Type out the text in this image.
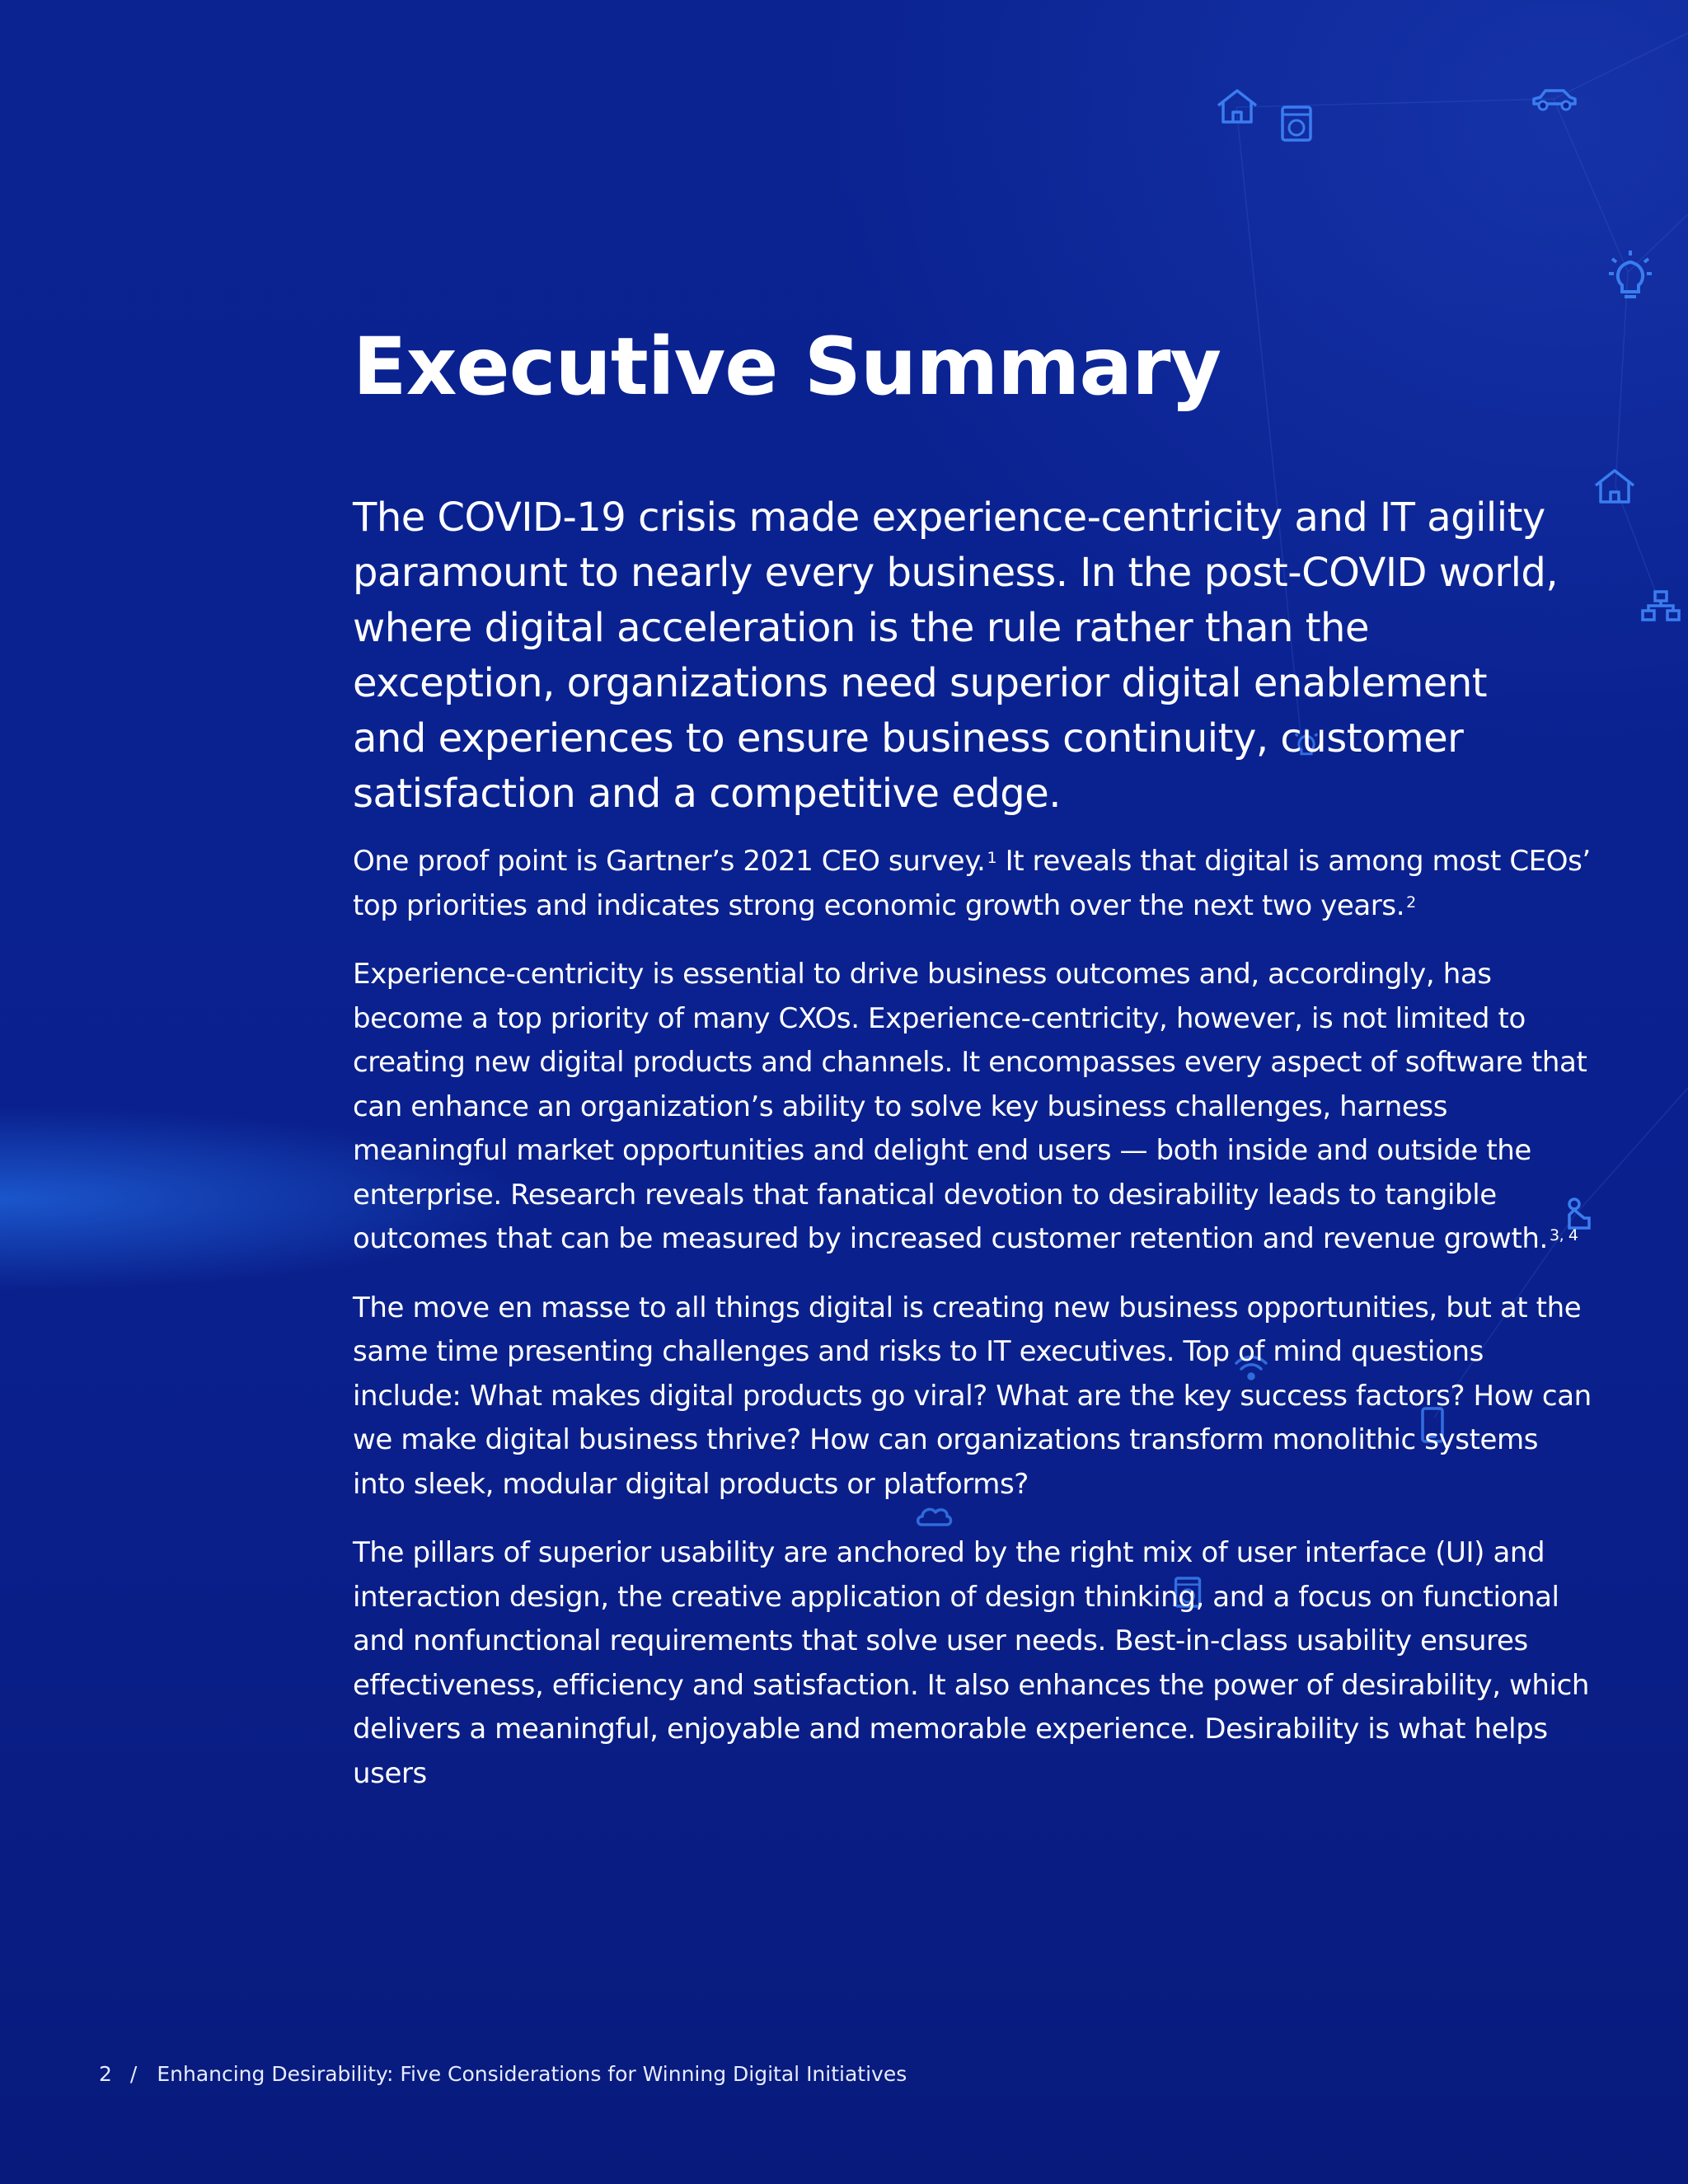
Executive Summary

The COVID-19 crisis made experience-centricity and IT agility paramount to nearly every business. In the post-COVID world, where digital acceleration is the rule rather than the exception, organizations need superior digital enablement and experiences to ensure business continuity, customer satisfaction and a competitive edge.

One proof point is Gartner’s 2021 CEO survey. $^1$ It reveals that digital is among most CEOs’ top priorities and indicates strong economic growth over the next two years. $^2$

Experience-centricity is essential to drive business outcomes and, accordingly, has become a top priority of many CXOs. Experience-centricity, however, is not limited to creating new digital products and channels. It encompasses every aspect of software that can enhance an organization’s ability to solve key business challenges, harness meaningful market opportunities and delight end users — both inside and outside the enterprise. Research reveals that fanatical devotion to desirability leads to tangible outcomes that can be measured by increased customer retention and revenue growth. $^{3, 4}$

The move en masse to all things digital is creating new business opportunities, but at the same time presenting challenges and risks to IT executives. Top of mind questions include: What makes digital products go viral? What are the key success factors? How can we make digital business thrive? How can organizations transform monolithic systems into sleek, modular digital products or platforms?

The pillars of superior usability are anchored by the right mix of user interface (UI) and interaction design, the creative application of design thinking, and a focus on functional and nonfunctional requirements that solve user needs. Best-in-class usability ensures effectiveness, efficiency and satisfaction. It also enhances the power of desirability, which delivers a meaningful, enjoyable and memorable experience. Desirability is what helps users

2 / Enhancing Desirability: Five Considerations for Winning Digital Initiatives
